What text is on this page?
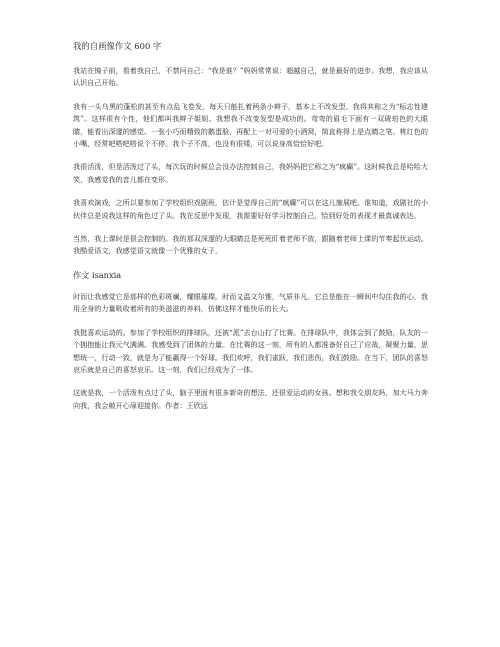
我的自画像作文 600 字

我站在镜子前，看着我自己，不禁问自己：“我是谁？”妈妈常常说：超越自己，就是最好的进步。我想，我应该从认识自己开始。

我有一头乌黑的蓬松的甚至有点乱飞卷发，每天只能扎着两条小辫子，基本上不改发型。我将其称之为“标志性建筑”。这样很有个性，他们都叫我辫子姐姐。我想我不改变发型是成功的。弯弯的眉毛下面有一双琥珀色的大眼睛，能看出深邃的感觉。一张小巧而精致的鹅蛋脸，再配上一对可爱的小酒窝，简直称得上是点睛之笔。桃红色的小嘴，经常吧嗒吧嗒说个不停。我个子不高，也没有很矮，可以说身高恰恰好吧。

我很活泼，但是活泼过了头，每次玩的时候总会没办法控制自己，我妈妈把它称之为“疯癫”。这时候我总是哈哈大笑，我感觉我的音儿都在变形。

我喜欢演戏，之所以要参加了学校组织戏剧班，估计是觉得自己的“疯癫”可以在这儿施展吧。谁知道，戏剧社的小伙伴总是说我这样的角色过了头。我在反思中发现，我需要好好学习控制自己，恰到好处的表现才最真诚表达。

当然，我上课时是很会控制的。我的那双深邃的大眼睛总是死死盯着老师不放，跟随着老师上课的节奏起伏运动。我酷爱语文，我感觉语文就像一个优雅的女子，

作文 isanxia

时而让我感觉它是那样的色彩斑斓，耀眼璀璨。时而又温文尔雅，气质非凡。它总是能在一瞬间中勾住我的心，我用全身的力量吸收着所有的美滋滋的养料，仿佛这样才能快乐的长大。

我挺喜欢运动的。参加了学校组织的排球队，还被“派”去台山打了比赛。在排球队中，我体会到了鼓励，队友的一个拥抱能让我元气满满。我感受到了团体的力量。在比赛的这一刻，所有的人都准备好自己了应战，凝聚力量，思想统一，行动一致，就是为了能赢得一个好球。我们欢呼，我们雀跃，我们悲伤，我们鼓励。在当下，团队的喜怒哀乐就是自己的喜怒哀乐。这一刻，我们已经成为了一体。

这就是我，一个活泼有点过了头，脑子里面有很多新奇的想法，还很爱运动的女孩。想和我交朋友吗，加大马力奔向我，我会敞开心扉迎接你。作者：王欣远
